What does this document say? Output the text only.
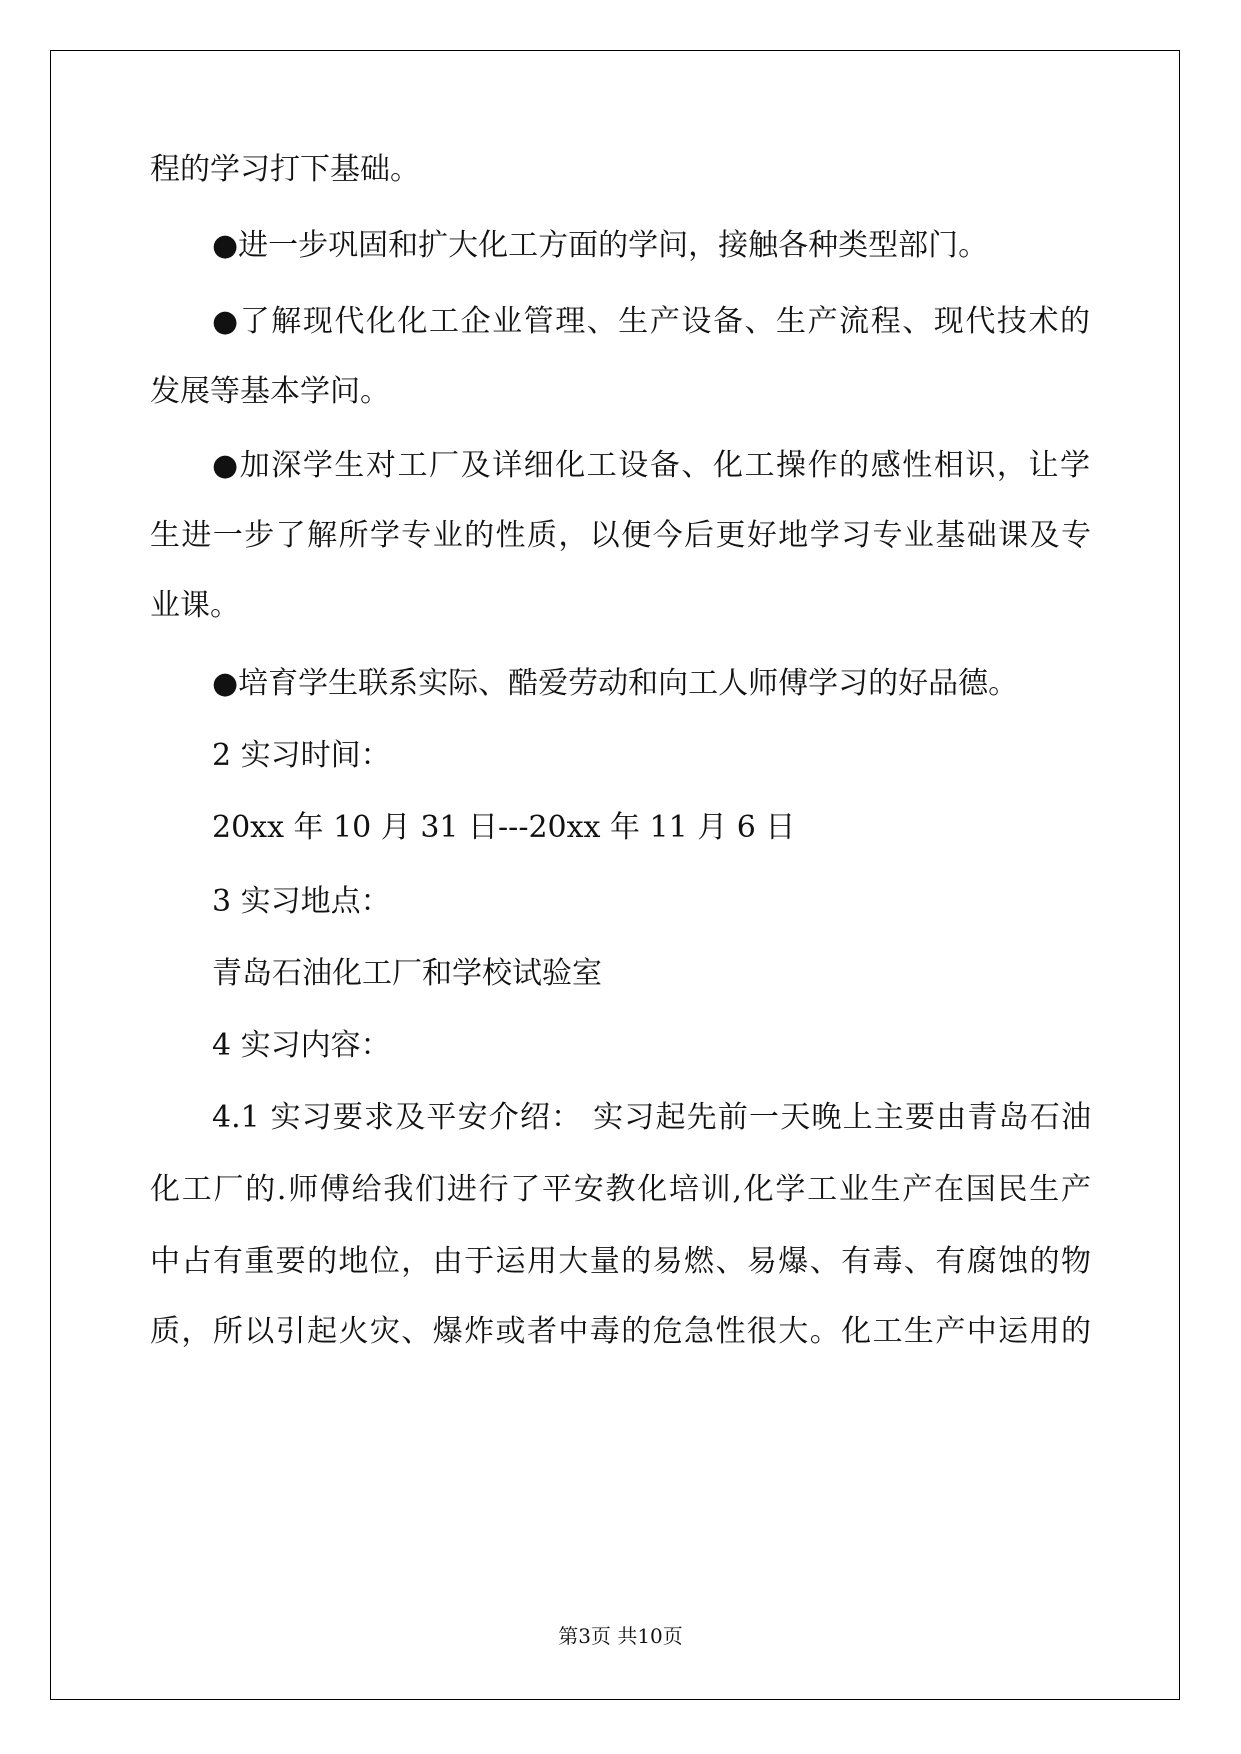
程的学习打下基础。

●进一步巩固和扩大化工方面的学问，接触各种类型部门。

●了解现代化化工企业管理、生产设备、生产流程、现代技术的

发展等基本学问。

●加深学生对工厂及详细化工设备、化工操作的感性相识，让学

生进一步了解所学专业的性质，以便今后更好地学习专业基础课及专

业课。

●培育学生联系实际、酷爱劳动和向工人师傅学习的好品德。

2 实习时间：

20xx 年 10 月 31 日---20xx 年 11 月 6 日

3 实习地点：

青岛石油化工厂和学校试验室

4 实习内容：

4.1 实习要求及平安介绍： 实习起先前一天晚上主要由青岛石油

化工厂的.师傅给我们进行了平安教化培训,化学工业生产在国民生产

中占有重要的地位，由于运用大量的易燃、易爆、有毒、有腐蚀的物

质，所以引起火灾、爆炸或者中毒的危急性很大。化工生产中运用的

第3页 共10页
